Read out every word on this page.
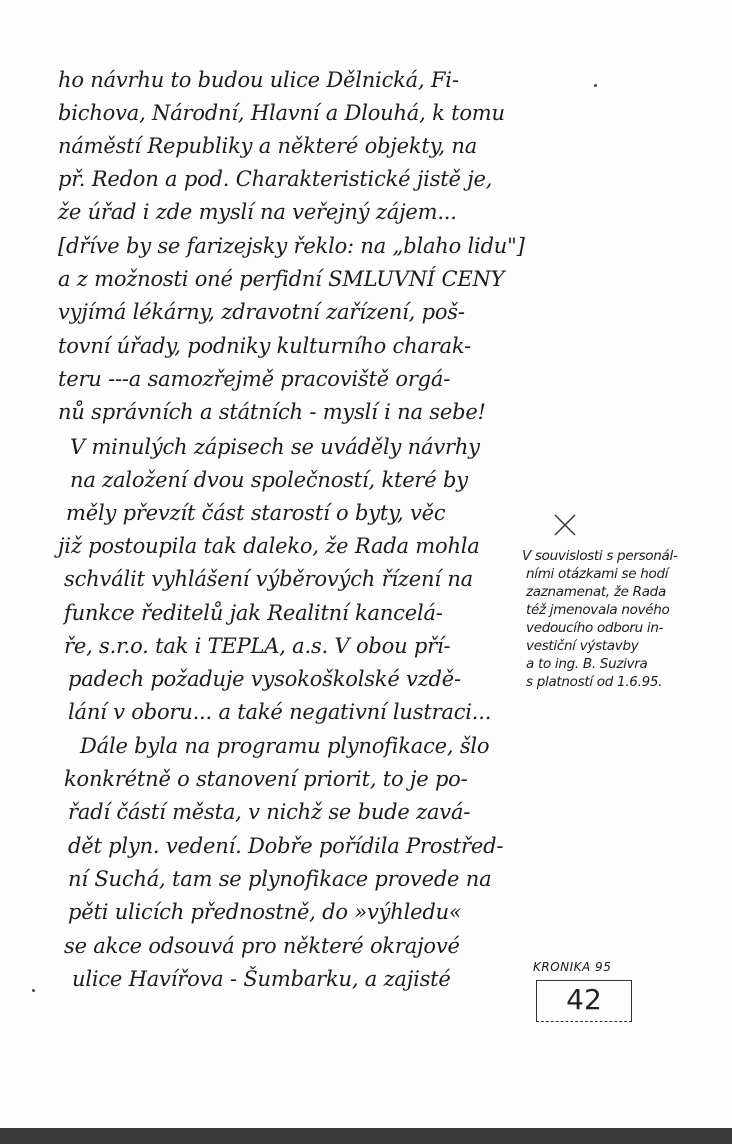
ho návrhu to budou ulice Dělnická, Fi-
bichova, Národní, Hlavní a Dlouhá, k tomu
náměstí Republiky a některé objekty, na
př. Redon a pod. Charakteristické jistě je,
že úřad i zde myslí na veřejný zájem...
[dříve by se farizejsky řeklo: na „blaho lidu"]
a z možnosti oné perfidní SMLUVNÍ CENY
vyjímá lékárny, zdravotní zařízení, poš-
tovní úřady, podniky kulturního charak-
teru ---a samozřejmě pracoviště orgá-
nů správních a státních - myslí i na sebe!
V minulých zápisech se uváděly návrhy
na založení dvou společností, které by
měly převzít část starostí o byty, věc
již postoupila tak daleko, že Rada mohla
schválit vyhlášení výběrových řízení na
funkce ředitelů jak Realitní kancelá-
ře, s.r.o. tak i TEPLA, a.s. V obou pří-
padech požaduje vysokoškolské vzdě-
lání v oboru... a také negativní lustraci...
Dále byla na programu plynofikace, šlo
konkrétně o stanovení priorit, to je po-
řadí částí města, v nichž se bude zavá-
dět plyn. vedení. Dobře pořídila Prostřed-
ní Suchá, tam se plynofikace provede na
pěti ulicích přednostně, do »výhledu«
se akce odsouvá pro některé okrajové
ulice Havířova - Šumbarku, a zajisté
V souvislosti s personál-
ními otázkami se hodí
zaznamenat, že Rada
též jmenovala nového
vedoucího odboru in-
vestiční výstavby
a to ing. B. Suzivra
s platností od 1.6.95.
KRONIKA 95
42
